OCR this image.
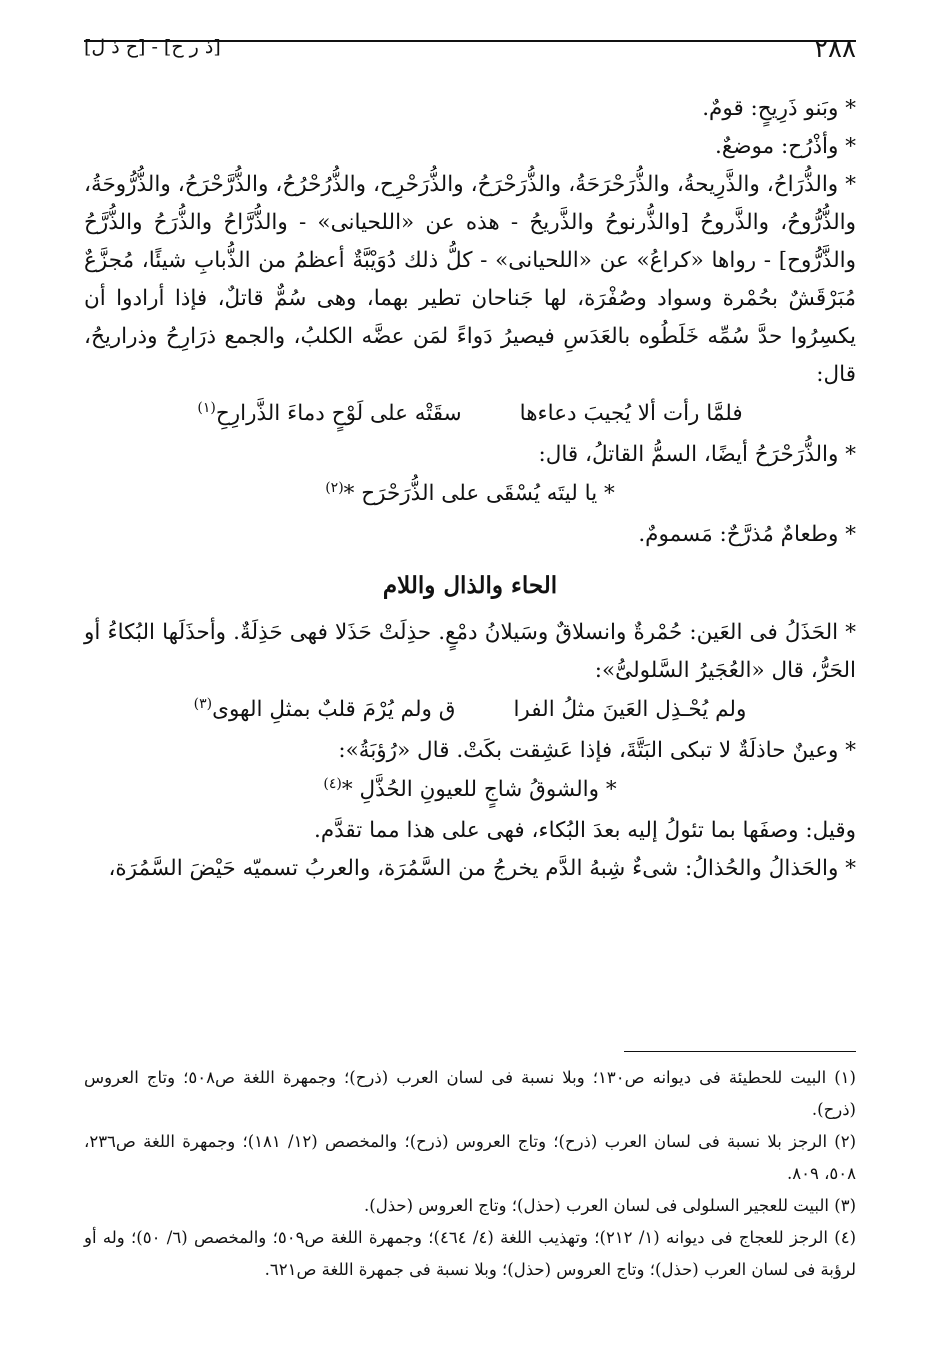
٢٨٨
[ذ ر ح] - [ح ذ ل]

* وبَنو ذَرِيحٍ: قومٌ.

* وأذْرُح: موضعٌ.

* والذُّرَاحُ، والذَّرِيحةُ، والذُّرَحْرَحَةُ، والذُّرَحْرَحُ، والذُّرَحْرِح، والذُّرُحْرُحُ، والذُّرَّحْرَحُ، والذُّرُّوحَةُ، والذُّرُّوحُ، والذَّروحُ [والذُّرنوحُ والذَّريحُ - هذه عن «اللحيانى» - والذُّرَّاحُ والذُّرَحُ والذُّرَّحُ والذَّرُّوح] - رواها «كراعُ» عن «اللحيانى» - كلُّ ذلك دُوَيْبَّةٌ أعظمُ من الذُّبابِ شيئًا، مُجزَّعٌ مُبَرْقَشٌ بحُمْرة وسواد وصُفْرَة، لها جَناحان تطير بهما، وهى سُمٌّ قاتلٌ، فإذا أرادوا أن يكسِرُوا حدَّ سُمِّه خَلَطُوه بالعَدَسِ فيصيرُ دَواءً لمَن عضَّه الكلبُ، والجمع ذرَارِحُ وذراريحُ، قال:

فلمَّا رأت ألا يُجيبَ دعاءها
سقَتْه على لَوْحٍ دماءَ الذَّرارِحِ$^{(١)}$

* والذُّرَحْرَحُ أيضًا، السمُّ القاتلُ، قال:

* يا ليتَه يُسْقَى على الذُّرَحْرَح *$^{(٢)}$

* وطعامٌ مُذرَّحٌ: مَسمومٌ.

الحاء والذال واللام

* الحَذَلُ فى العَين: حُمْرةٌ وانسلاقٌ وسَيلانُ دمْعٍ. حذِلَتْ حَذَلا فهى حَذِلَةٌ. وأحذَلَها البُكاءُ أو الحَرُّ، قال «العُجَيرُ السَّلولىُّ»:

ولم يُحْـذِل العَينَ مثلُ الفرا
ق ولم يُرْمَ قلبٌ بمثلِ الهوى$^{(٣)}$

* وعينٌ حاذلَةٌ لا تبكى البَتَّةَ، فإذا عَشِقت بكَتْ. قال «رُؤبَةُ»:

* والشوقُ شاجٍ للعيونِ الحُذَّلِ *$^{(٤)}$

وقيل: وصفَها بما تئولُ إليه بعدَ البُكاء، فهى على هذا مما تقدَّم.

* والحَذالُ والحُذالُ: شىءٌ شِبهُ الدَّم يخرجُ من السَّمُرَة، والعربُ تسميّه حَيْضَ السَّمُرَة،

(١) البيت للحطيئة فى ديوانه ص١٣٠؛ وبلا نسبة فى لسان العرب (ذرح)؛ وجمهرة اللغة ص٥٠٨؛ وتاج العروس (ذرح).

(٢) الرجز بلا نسبة فى لسان العرب (ذرح)؛ وتاج العروس (ذرح)؛ والمخصص (١٢/ ١٨١)؛ وجمهرة اللغة ص٢٣٦، ٥٠٨، ٨٠٩.

(٣) البيت للعجير السلولى فى لسان العرب (حذل)؛ وتاج العروس (حذل).

(٤) الرجز للعجاج فى ديوانه (١/ ٢١٢)؛ وتهذيب اللغة (٤/ ٤٦٤)؛ وجمهرة اللغة ص٥٠٩؛ والمخصص (٦/ ٥٠)؛ وله أو لرؤبة فى لسان العرب (حذل)؛ وتاج العروس (حذل)؛ وبلا نسبة فى جمهرة اللغة ص٦٢١.
